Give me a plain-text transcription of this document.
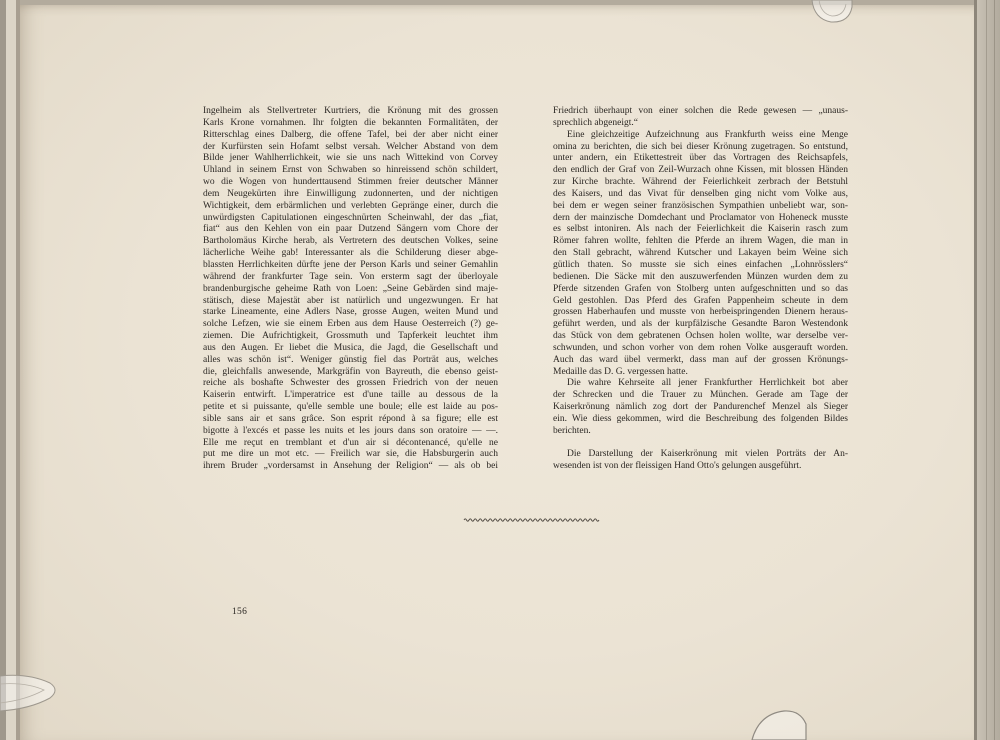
Ingelheim als Stellvertreter Kurtriers, die Krönung mit des grossen
Karls Krone vornahmen. Ihr folgten die bekannten Formalitäten, der
Ritterschlag eines Dalberg, die offene Tafel, bei der aber nicht einer
der Kurfürsten sein Hofamt selbst versah. Welcher Abstand von dem
Bilde jener Wahlherrlichkeit, wie sie uns nach Wittekind von Corvey
Uhland in seinem Ernst von Schwaben so hinreissend schön schildert,
wo die Wogen von hunderttausend Stimmen freier deutscher Männer
dem Neugekürten ihre Einwilligung zudonnerten, und der nichtigen
Wichtigkeit, dem erbärmlichen und verlebten Gepränge einer, durch die
unwürdigsten Capitulationen eingeschnürten Scheinwahl, der das „fiat,
fiat“ aus den Kehlen von ein paar Dutzend Sängern vom Chore der
Bartholomäus Kirche herab, als Vertretern des deutschen Volkes, seine
lächerliche Weihe gab! Interessanter als die Schilderung dieser abge-
blassten Herrlichkeiten dürfte jene der Person Karls und seiner Gemahlin
während der frankfurter Tage sein. Von ersterm sagt der überloyale
brandenburgische geheime Rath von Loen: „Seine Gebärden sind maje-
stätisch, diese Majestät aber ist natürlich und ungezwungen. Er hat
starke Lineamente, eine Adlers Nase, grosse Augen, weiten Mund und
solche Lefzen, wie sie einem Erben aus dem Hause Oesterreich (?) ge-
ziemen. Die Aufrichtigkeit, Grossmuth und Tapferkeit leuchtet ihm
aus den Augen. Er liebet die Musica, die Jagd, die Gesellschaft und
alles was schön ist“. Weniger günstig fiel das Porträt aus, welches
die, gleichfalls anwesende, Markgräfin von Bayreuth, die ebenso geist-
reiche als boshafte Schwester des grossen Friedrich von der neuen
Kaiserin entwirft. L'imperatrice est d'une taille au dessous de la
petite et si puissante, qu'elle semble une boule; elle est laide au pos-
sible sans air et sans grâce. Son esprit répond à sa figure; elle est
bigotte à l'excés et passe les nuits et les jours dans son oratoire — —.
Elle me reçut en tremblant et d'un air si décontenancé, qu'elle ne
put me dire un mot etc. — Freilich war sie, die Habsburgerin auch
ihrem Bruder „vordersamst in Ansehung der Religion“ — als ob bei
Friedrich überhaupt von einer solchen die Rede gewesen — „unaus-
sprechlich abgeneigt.“
Eine gleichzeitige Aufzeichnung aus Frankfurth weiss eine Menge
omina zu berichten, die sich bei dieser Krönung zugetragen. So entstund,
unter andern, ein Etikettestreit über das Vortragen des Reichsapfels,
den endlich der Graf von Zeil-Wurzach ohne Kissen, mit blossen Händen
zur Kirche brachte. Während der Feierlichkeit zerbrach der Betstuhl
des Kaisers, und das Vivat für denselben ging nicht vom Volke aus,
bei dem er wegen seiner französischen Sympathien unbeliebt war, son-
dern der mainzische Domdechant und Proclamator von Hoheneck musste
es selbst intoniren. Als nach der Feierlichkeit die Kaiserin rasch zum
Römer fahren wollte, fehlten die Pferde an ihrem Wagen, die man in
den Stall gebracht, während Kutscher und Lakayen beim Weine sich
gütlich thaten. So musste sie sich eines einfachen „Lohnrösslers“
bedienen. Die Säcke mit den auszuwerfenden Münzen wurden dem zu
Pferde sitzenden Grafen von Stolberg unten aufgeschnitten und so das
Geld gestohlen. Das Pferd des Grafen Pappenheim scheute in dem
grossen Haberhaufen und musste von herbeispringenden Dienern heraus-
geführt werden, und als der kurpfälzische Gesandte Baron Westendonk
das Stück von dem gebratenen Ochsen holen wollte, war derselbe ver-
schwunden, und schon vorher von dem rohen Volke ausgerauft worden.
Auch das ward übel vermerkt, dass man auf der grossen Krönungs-
Medaille das D. G. vergessen hatte.
Die wahre Kehrseite all jener Frankfurther Herrlichkeit bot aber
der Schrecken und die Trauer zu München. Gerade am Tage der
Kaiserkrönung nämlich zog dort der Pandurenchef Menzel als Sieger
ein. Wie diess gekommen, wird die Beschreibung des folgenden Bildes
berichten.
Die Darstellung der Kaiserkrönung mit vielen Porträts der An-
wesenden ist von der fleissigen Hand Otto's gelungen ausgeführt.
156
